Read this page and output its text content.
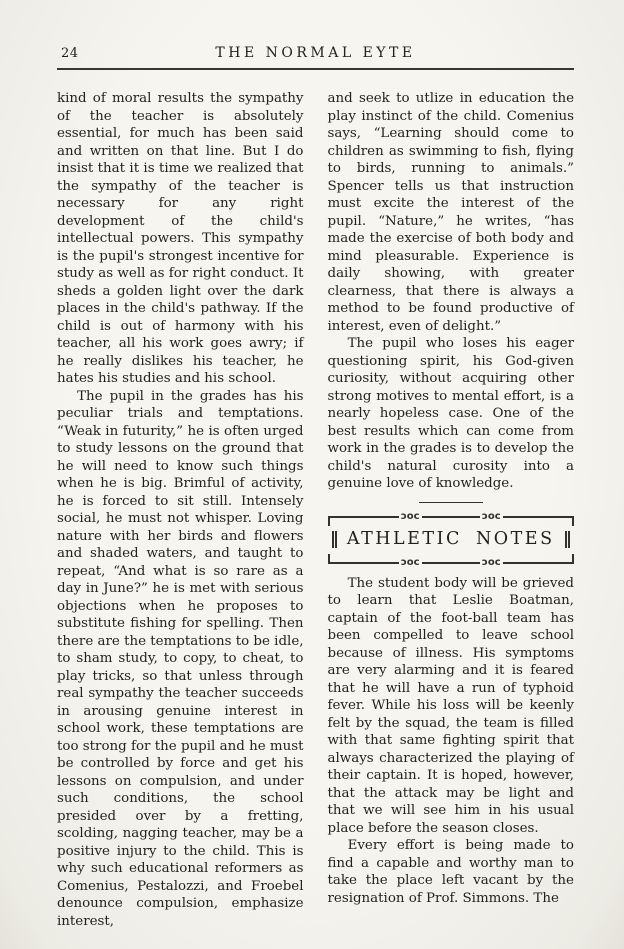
24	THE NORMAL EYTE

kind of moral results the sympathy of the teacher is absolutely essential, for much has been said and written on that line. But I do insist that it is time we realized that the sympathy of the teacher is necessary for any right development of the child's intellectual powers. This sympathy is the pupil's strongest incentive for study as well as for right conduct. It sheds a golden light over the dark places in the child's pathway. If the child is out of harmony with his teacher, all his work goes awry; if he really dislikes his teacher, he hates his studies and his school.

The pupil in the grades has his peculiar trials and temptations. “Weak in futurity,” he is often urged to study lessons on the ground that he will need to know such things when he is big. Brimful of activity, he is forced to sit still. Intensely social, he must not whisper. Loving nature with her birds and flowers and shaded waters, and taught to repeat, “And what is so rare as a day in June?” he is met with serious objections when he proposes to substitute fishing for spelling. Then there are the temptations to be idle, to sham study, to copy, to cheat, to play tricks, so that unless through real sympathy the teacher succeeds in arousing genuine interest in school work, these temptations are too strong for the pupil and he must be controlled by force and get his lessons on compulsion, and under such conditions, the school presided over by a fretting, scolding, nagging teacher, may be a positive injury to the child. This is why such educational reformers as Comenius, Pestalozzi, and Froebel denounce compulsion, emphasize interest,

and seek to utlize in education the play instinct of the child. Comenius says, “Learning should come to children as swimming to fish, flying to birds, running to animals.” Spencer tells us that instruction must excite the interest of the pupil. “Nature,” he writes, “has made the exercise of both body and mind pleasurable. Experience is daily showing, with greater clearness, that there is always a method to be found productive of interest, even of delight.”

The pupil who loses his eager questioning spirit, his God-given curiosity, without acquiring other strong motives to mental effort, is a nearly hopeless case. One of the best results which can come from work in the grades is to develop the child's natural curosity into a genuine love of knowledge.

ɔoc	ɔoc
ATHLETIC NOTES
ɔoc	ɔoc

The student body will be grieved to learn that Leslie Boatman, captain of the foot-ball team has been compelled to leave school because of illness. His symptoms are very alarming and it is feared that he will have a run of typhoid fever. While his loss will be keenly felt by the squad, the team is filled with that same fighting spirit that always characterized the playing of their captain. It is hoped, however, that the attack may be light and that we will see him in his usual place before the season closes.

Every effort is being made to find a capable and worthy man to take the place left vacant by the resignation of Prof. Simmons. The
